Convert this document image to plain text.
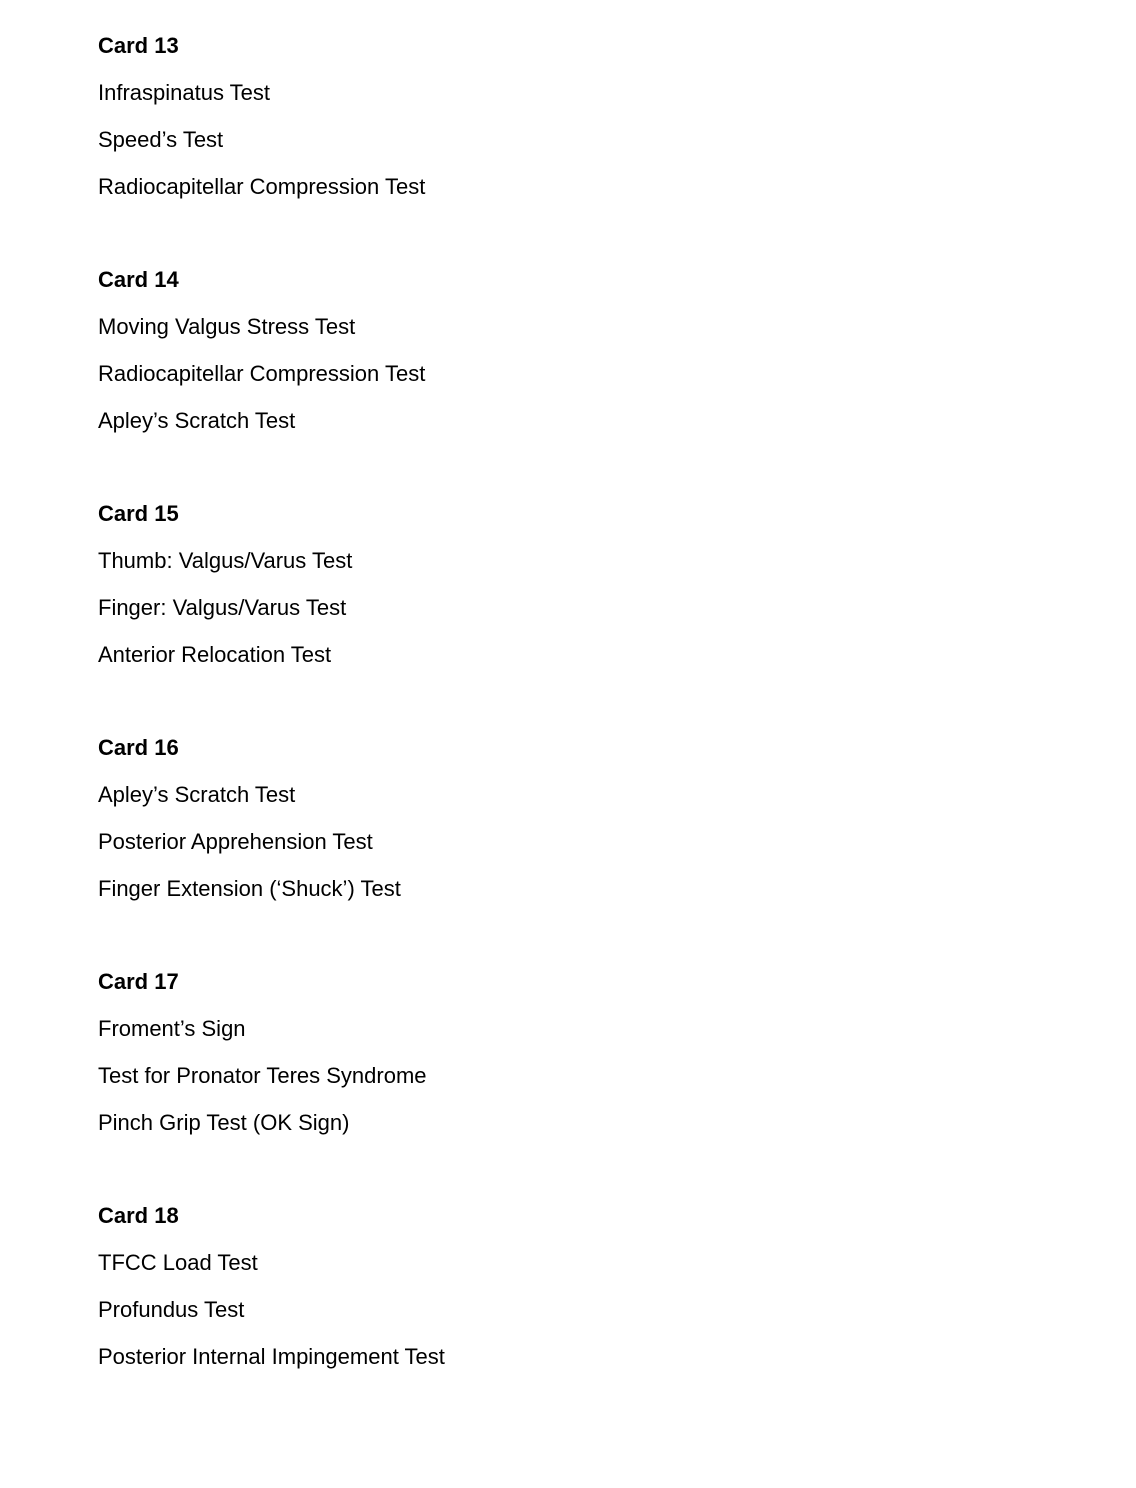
Card 13
Infraspinatus Test
Speed’s Test
Radiocapitellar Compression Test
Card 14
Moving Valgus Stress Test
Radiocapitellar Compression Test
Apley’s Scratch Test
Card 15
Thumb: Valgus/Varus Test
Finger: Valgus/Varus Test
Anterior Relocation Test
Card 16
Apley’s Scratch Test
Posterior Apprehension Test
Finger Extension (‘Shuck’) Test
Card 17
Froment’s Sign
Test for Pronator Teres Syndrome
Pinch Grip Test (OK Sign)
Card 18
TFCC Load Test
Profundus Test
Posterior Internal Impingement Test
